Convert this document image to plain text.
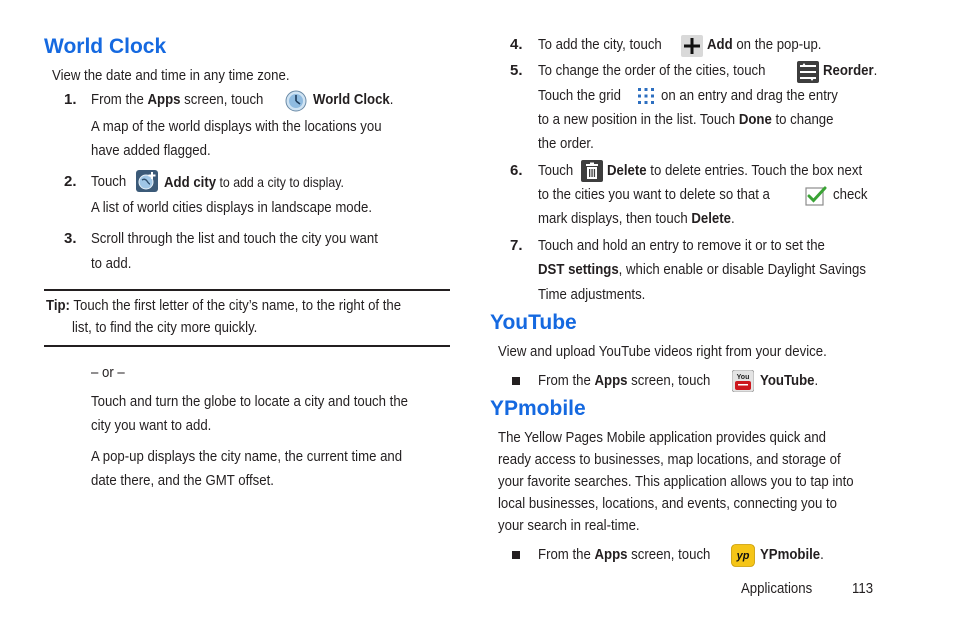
World Clock
View the date and time in any time zone.
1. From the Apps screen, touch	World Clock.
A map of the world displays with the locations you
have added flagged.
2. Touch	Add city to add a city to display.
A list of world cities displays in landscape mode.
3. Scroll through the list and touch the city you want
to add.
Tip: Touch the first letter of the city’s name, to the right of the
list, to find the city more quickly.
– or –
Touch and turn the globe to locate a city and touch the
city you want to add.
A pop-up displays the city name, the current time and
date there, and the GMT offset.
4. To add the city, touch	Add on the pop-up.
5. To change the order of the cities, touch	Reorder.
Touch the grid	on an entry and drag the entry
to a new position in the list. Touch Done to change
the order.
6. Touch Delete to delete entries. Touch the box next
to the cities you want to delete so that a	check
mark displays, then touch Delete.
7. Touch and hold an entry to remove it or to set the
DST settings, which enable or disable Daylight Savings
Time adjustments.
YouTube
View and upload YouTube videos right from your device.
From the Apps screen, touch	You YouTube.
YPmobile
The Yellow Pages Mobile application provides quick and
ready access to businesses, map locations, and storage of
your favorite searches. This application allows you to tap into
local businesses, locations, and events, connecting you to
your search in real-time.
From the Apps screen, touch yp YPmobile.
Applications	113
